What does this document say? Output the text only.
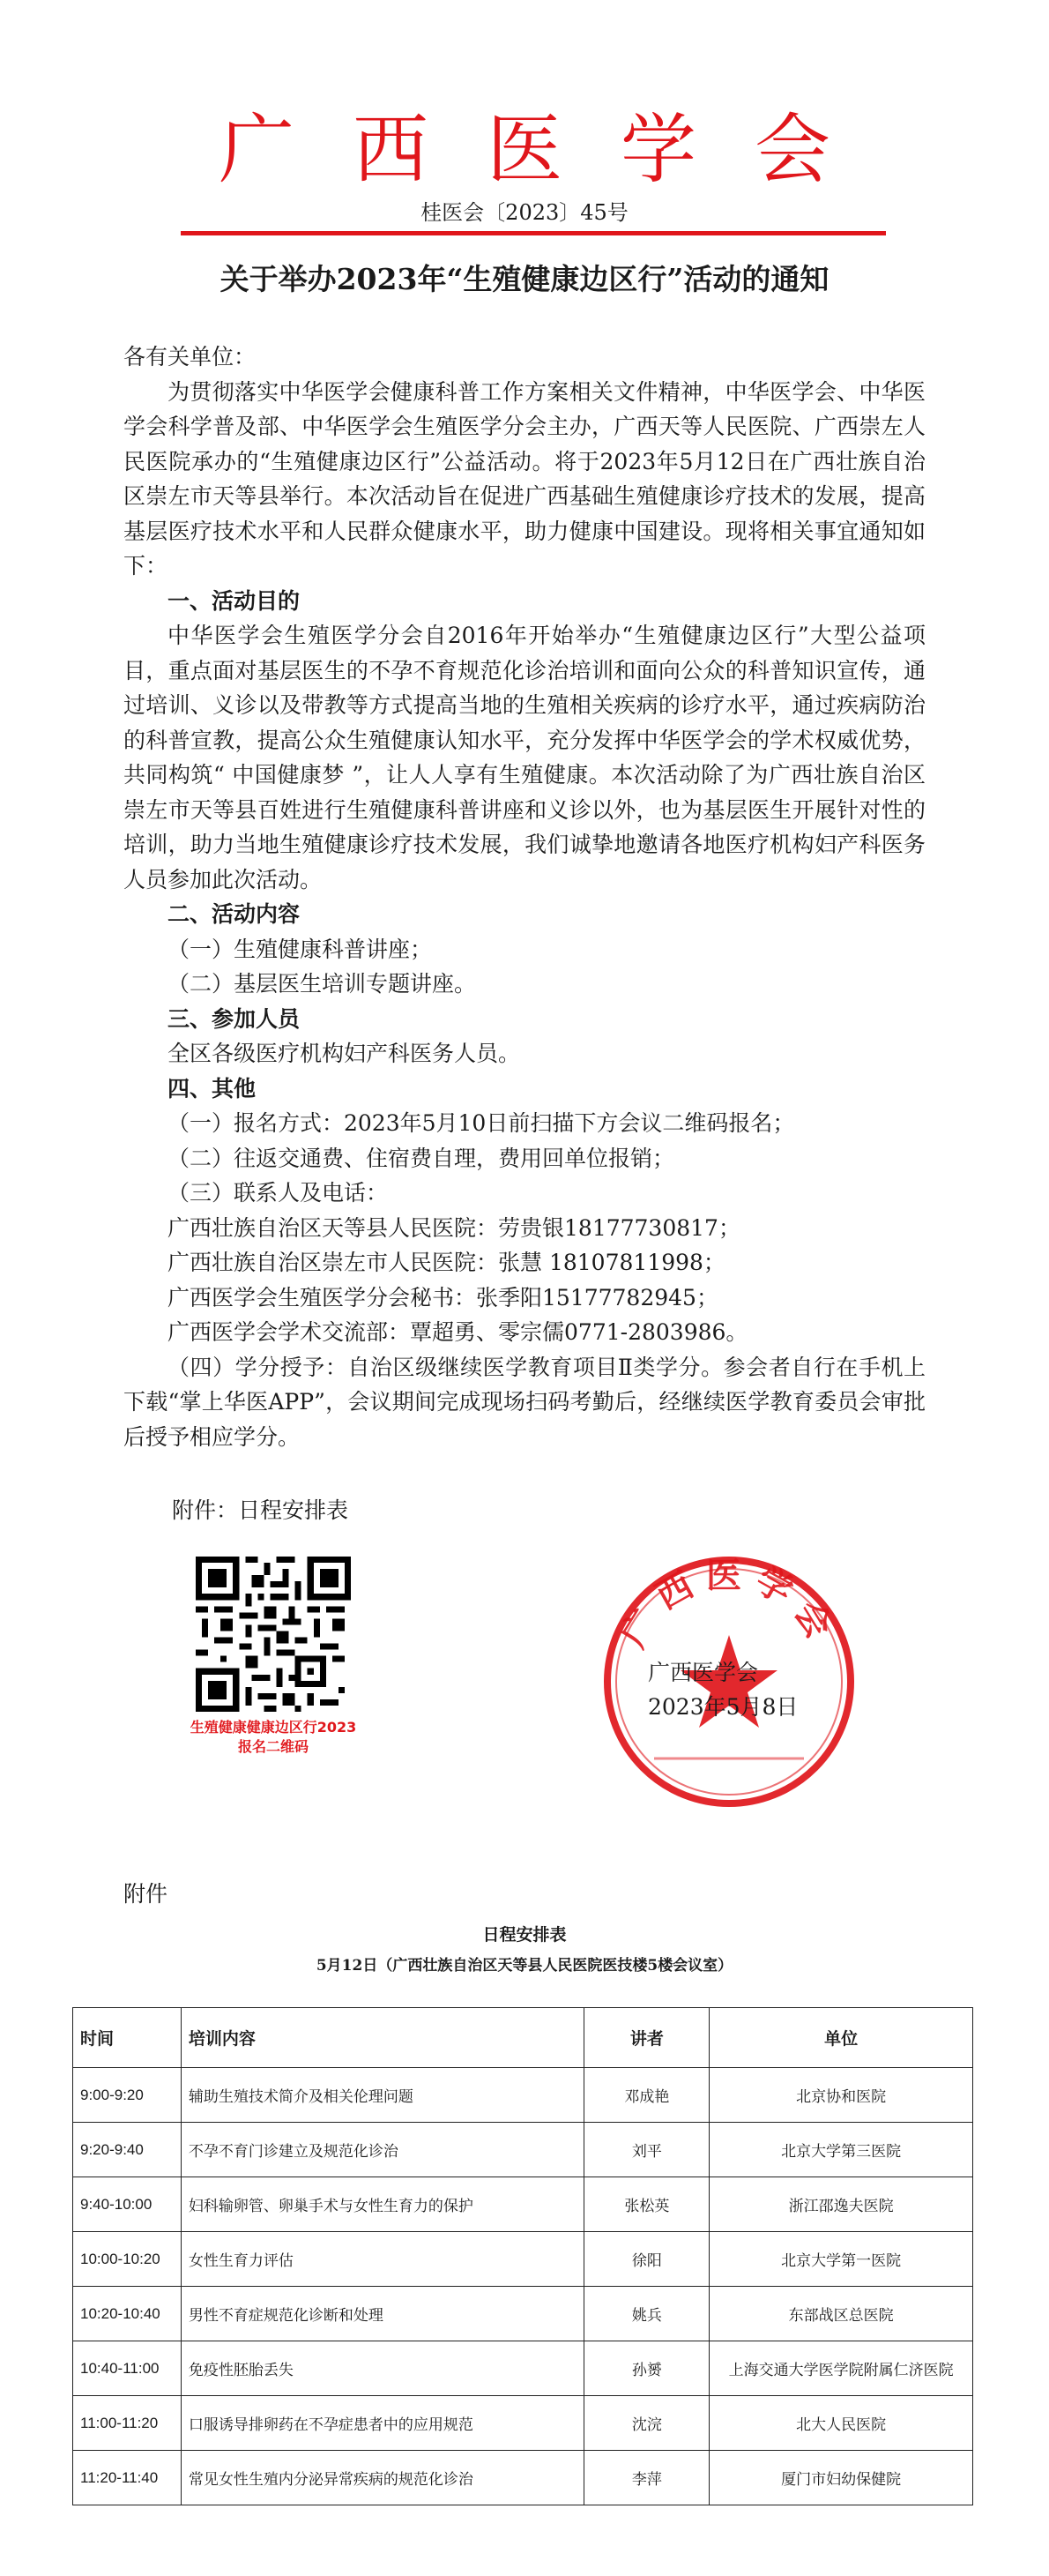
广西医学会
桂医会〔2023〕45号
关于举办2023年“生殖健康边区行”活动的通知

各有关单位：

为贯彻落实中华医学会健康科普工作方案相关文件精神，中华医学会、中华医学会科学普及部、中华医学会生殖医学分会主办，广西天等人民医院、广西崇左人民医院承办的“生殖健康边区行”公益活动。将于2023年5月12日在广西壮族自治区崇左市天等县举行。本次活动旨在促进广西基础生殖健康诊疗技术的发展，提高基层医疗技术水平和人民群众健康水平，助力健康中国建设。现将相关事宜通知如下：

一、活动目的

中华医学会生殖医学分会自2016年开始举办“生殖健康边区行”大型公益项目，重点面对基层医生的不孕不育规范化诊治培训和面向公众的科普知识宣传，通过培训、义诊以及带教等方式提高当地的生殖相关疾病的诊疗水平，通过疾病防治的科普宣教，提高公众生殖健康认知水平，充分发挥中华医学会的学术权威优势，共同构筑“ 中国健康梦 ”，让人人享有生殖健康。本次活动除了为广西壮族自治区崇左市天等县百姓进行生殖健康科普讲座和义诊以外，也为基层医生开展针对性的培训，助力当地生殖健康诊疗技术发展，我们诚挚地邀请各地医疗机构妇产科医务人员参加此次活动。

二、活动内容

（一）生殖健康科普讲座；

（二）基层医生培训专题讲座。

三、参加人员

全区各级医疗机构妇产科医务人员。

四、其他

（一）报名方式：2023年5月10日前扫描下方会议二维码报名；

（二）往返交通费、住宿费自理，费用回单位报销；

（三）联系人及电话：

广西壮族自治区天等县人民医院：劳贵银18177730817；

广西壮族自治区崇左市人民医院：张慧 18107811998；

广西医学会生殖医学分会秘书：张季阳15177782945；

广西医学会学术交流部：覃超勇、零宗儒0771-2803986。

（四）学分授予：自治区级继续医学教育项目Ⅱ类学分。参会者自行在手机上下载“掌上华医APP”，会议期间完成现场扫码考勤后，经继续医学教育委员会审批后授予相应学分。

附件：日程安排表
生殖健康健康边区行2023
报名二维码
广西医学会

广西医学会

2023年5月8日

附件
日程安排表
5月12日（广西壮族自治区天等县人民医院医技楼5楼会议室）
时间	培训内容	讲者	单位
9:00-9:20	辅助生殖技术简介及相关伦理问题	邓成艳	北京协和医院
9:20-9:40	不孕不育门诊建立及规范化诊治	刘平	北京大学第三医院
9:40-10:00	妇科输卵管、卵巢手术与女性生育力的保护	张松英	浙江邵逸夫医院
10:00-10:20	女性生育力评估	徐阳	北京大学第一医院
10:20-10:40	男性不育症规范化诊断和处理	姚兵	东部战区总医院
10:40-11:00	免疫性胚胎丢失	孙赟	上海交通大学医学院附属仁济医院
11:00-11:20	口服诱导排卵药在不孕症患者中的应用规范	沈浣	北大人民医院
11:20-11:40	常见女性生殖内分泌异常疾病的规范化诊治	李萍	厦门市妇幼保健院
